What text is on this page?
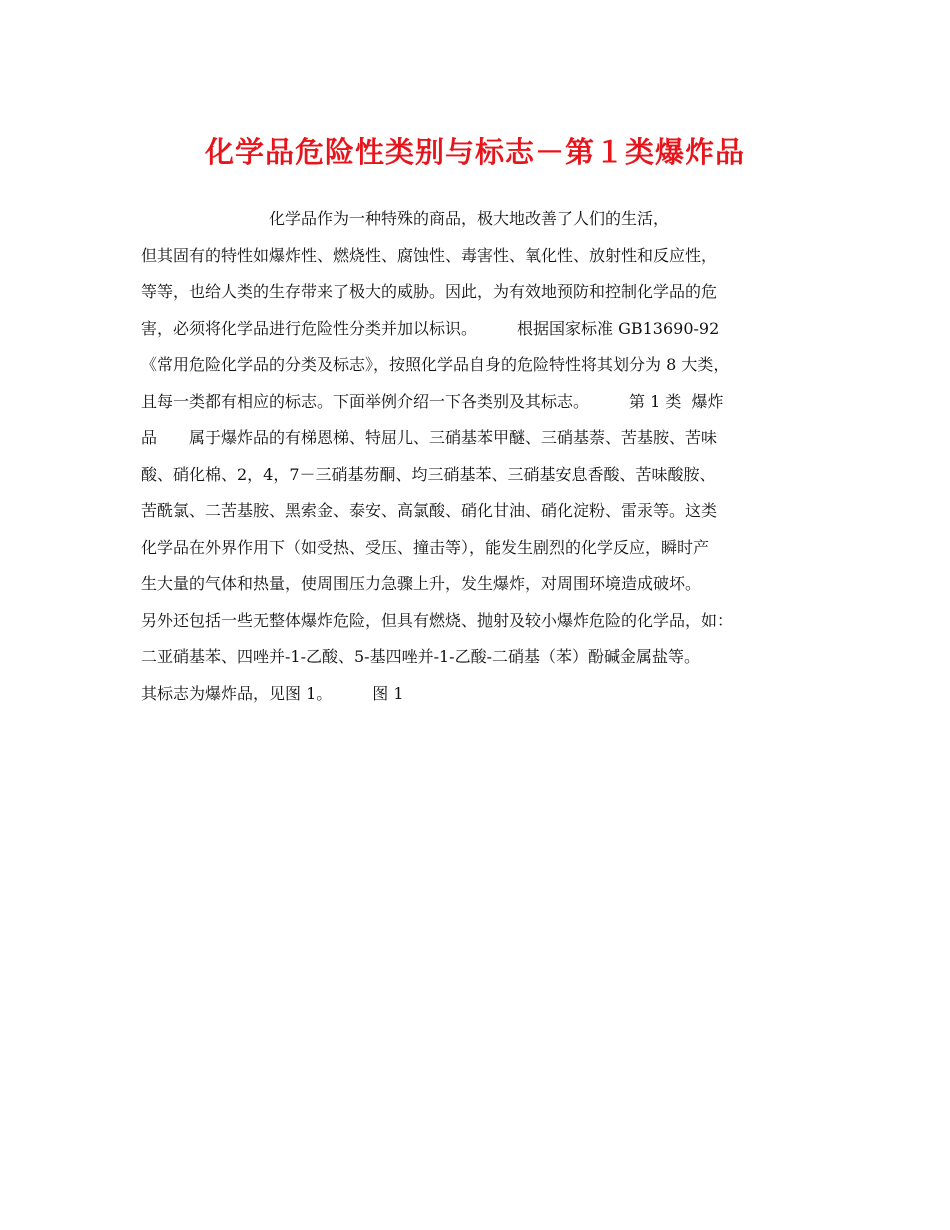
化学品危险性类别与标志－第１类爆炸品
　　　　　　　　化学品作为一种特殊的商品，极大地改善了人们的生活，
但其固有的特性如爆炸性、燃烧性、腐蚀性、毒害性、氧化性、放射性和反应性，
等等，也给人类的生存带来了极大的威胁。因此，为有效地预防和控制化学品的危
害，必须将化学品进行危险性分类并加以标识。　　　根据国家标准 GB13690-92
《常用危险化学品的分类及标志》，按照化学品自身的危险特性将其划分为 8 大类，
且每一类都有相应的标志。下面举例介绍一下各类别及其标志。　　　第 1 类  爆炸
品　　属于爆炸品的有梯恩梯、特屈儿、三硝基苯甲醚、三硝基萘、苦基胺、苦味
酸、硝化棉、2，4，7－三硝基芴酮、均三硝基苯、三硝基安息香酸、苦味酸胺、
苦酰氯、二苦基胺、黑索金、泰安、高氯酸、硝化甘油、硝化淀粉、雷汞等。这类
化学品在外界作用下（如受热、受压、撞击等），能发生剧烈的化学反应，瞬时产
生大量的气体和热量，使周围压力急骤上升，发生爆炸，对周围环境造成破坏。
另外还包括一些无整体爆炸危险，但具有燃烧、抛射及较小爆炸危险的化学品，如：
二亚硝基苯、四唑并-1-乙酸、5-基四唑并-1-乙酸-二硝基（苯）酚碱金属盐等。
其标志为爆炸品，见图 1。　　　图 1
